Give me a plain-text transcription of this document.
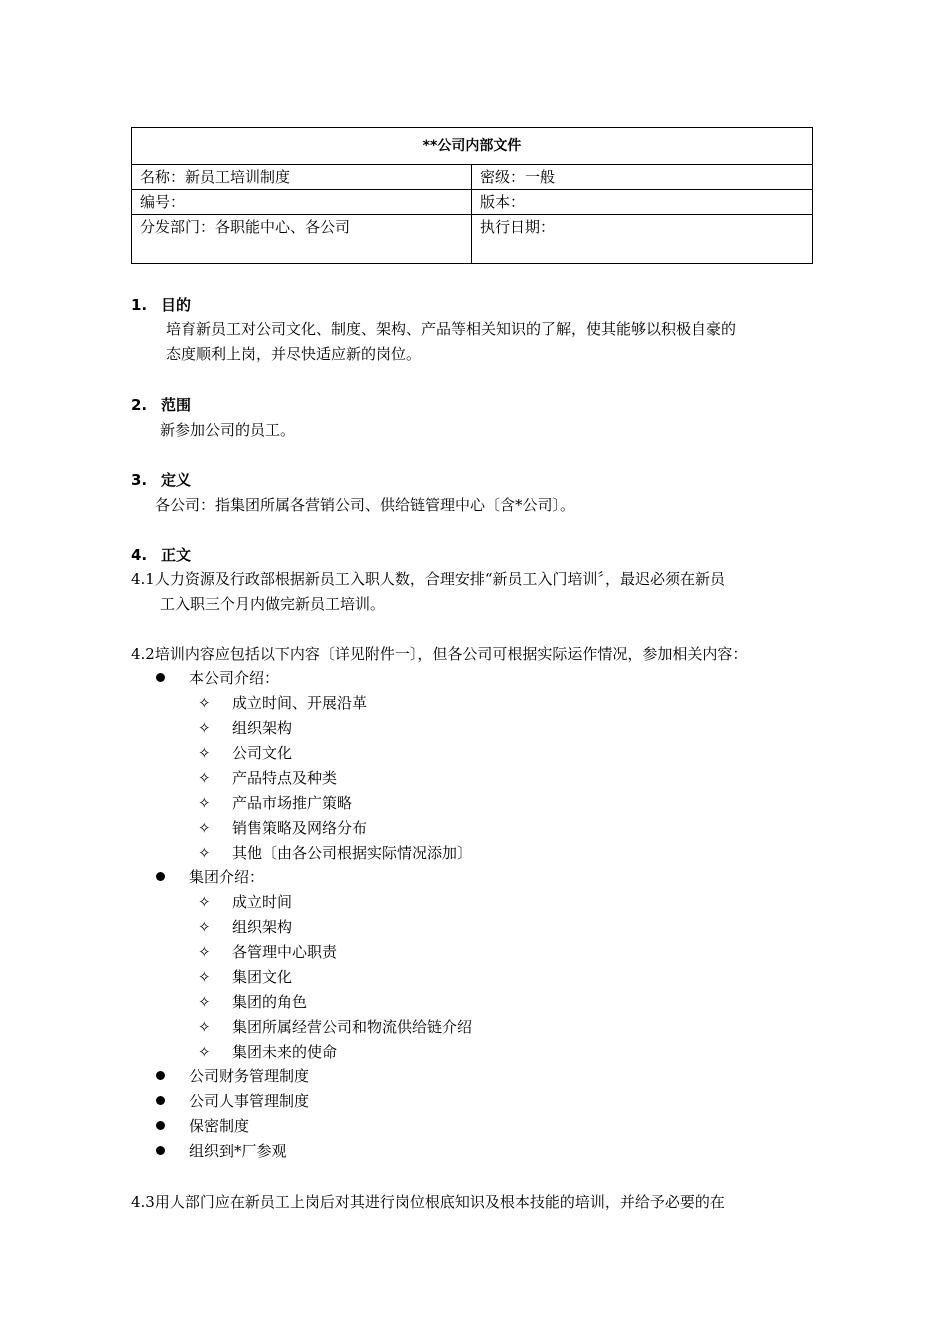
**公司内部文件	
名称：新员工培训制度	密级：一般
编号：	版本：
分发部门：各职能中心、各公司	执行日期：
1. 目的
培育新员工对公司文化、制度、架构、产品等相关知识的了解，使其能够以积极自豪的
态度顺利上岗，并尽快适应新的岗位。
2. 范围
新参加公司的员工。
3. 定义
各公司：指集团所属各营销公司、供给链管理中心〔含*公司〕。
4. 正文
4.1人力资源及行政部根据新员工入职人数，合理安排“新员工入门培训〞，最迟必须在新员
工入职三个月内做完新员工培训。
4.2培训内容应包括以下内容〔详见附件一〕，但各公司可根据实际运作情况，参加相关内容：
本公司介绍：
✧ 成立时间、开展沿革
✧ 组织架构
✧ 公司文化
✧ 产品特点及种类
✧ 产品市场推广策略
✧ 销售策略及网络分布
✧ 其他〔由各公司根据实际情况添加〕
集团介绍：
✧ 成立时间
✧ 组织架构
✧ 各管理中心职责
✧ 集团文化
✧ 集团的角色
✧ 集团所属经营公司和物流供给链介绍
✧ 集团未来的使命
公司财务管理制度
公司人事管理制度
保密制度
组织到*厂参观
4.3用人部门应在新员工上岗后对其进行岗位根底知识及根本技能的培训，并给予必要的在
